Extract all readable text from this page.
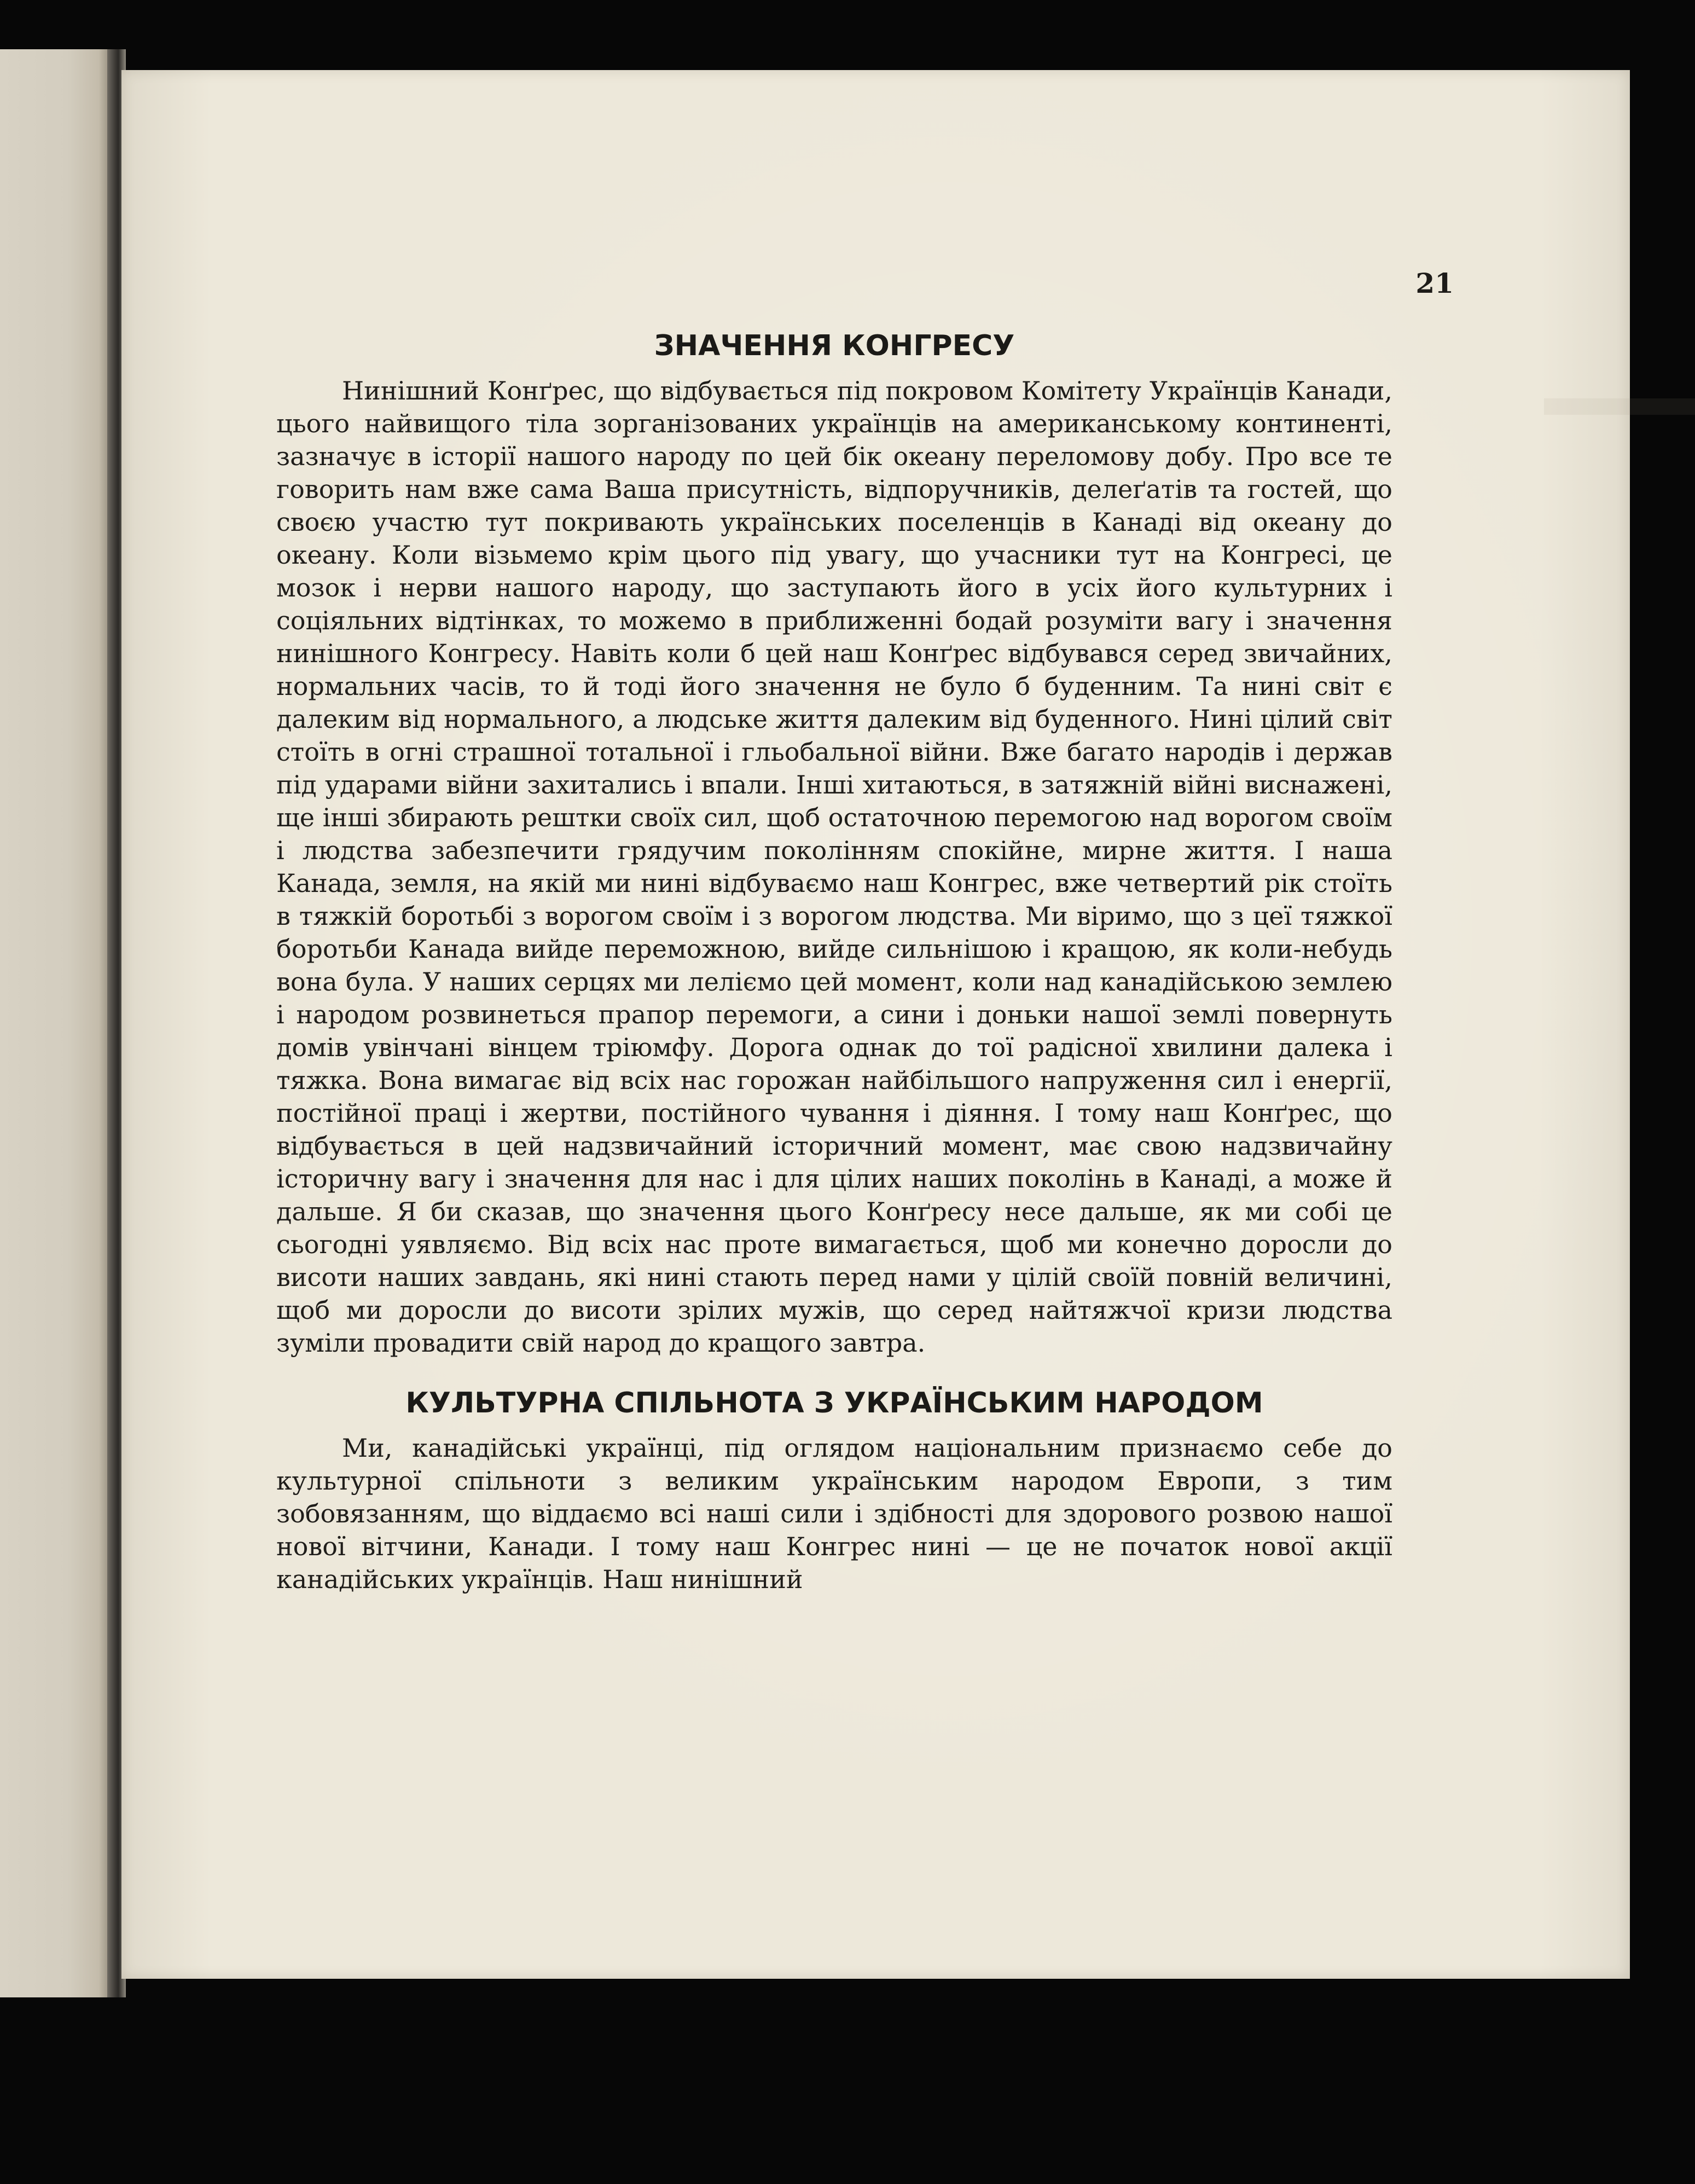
21

ЗНАЧЕННЯ КОНГРЕСУ

Нинішний Конґрес, що відбувається під покровом Комітету Українців Канади, цього найвищого тіла зорганізованих українців на американському континенті, зазначує в історії нашого народу по цей бік океану переломову добу. Про все те говорить нам вже сама Ваша присутність, відпоручників, делеґатів та гостей, що своєю участю тут покривають українських поселенців в Канаді від океану до океану. Коли візьмемо крім цього під увагу, що учасники тут на Конгресі, це мозок і нерви нашого народу, що заступають його в усіх його культурних і соціяльних відтінках, то можемо в приближенні бодай розуміти вагу і значення нинішного Конгресу. Навіть коли б цей наш Конґрес відбувався серед звичайних, нормальних часів, то й тоді його значення не було б буденним. Та нині світ є далеким від нормального, а людське життя далеким від буденного. Нині цілий світ стоїть в огні страшної тотальної і гльобальної війни. Вже багато народів і держав під ударами війни захитались і впали. Інші хитаються, в затяжній війні виснажені, ще інші збирають рештки своїх сил, щоб остаточною перемогою над ворогом своїм і людства забезпечити грядучим поколінням спокійне, мирне життя. І наша Канада, земля, на якій ми нині відбуваємо наш Конгрес, вже четвертий рік стоїть в тяжкій боротьбі з ворогом своїм і з ворогом людства. Ми віримо, що з цеї тяжкої боротьби Канада вийде переможною, вийде сильнішою і кращою, як коли-небудь вона була. У наших серцях ми леліємо цей момент, коли над канадійською землею і народом розвинеться прапор перемоги, а сини і доньки нашої землі повернуть домів увінчані вінцем тріюмфу. Дорога однак до тої радісної хвилини далека і тяжка. Вона вимагає від всіх нас горожан найбільшого напруження сил і енергії, постійної праці і жертви, постійного чування і діяння. І тому наш Конґрес, що відбувається в цей надзвичайний історичний момент, має свою надзвичайну історичну вагу і значення для нас і для цілих наших поколінь в Канаді, а може й дальше. Я би сказав, що значення цього Конґресу несе дальше, як ми собі це сьогодні уявляємо. Від всіх нас проте вимагається, щоб ми конечно доросли до висоти наших завдань, які нині стають перед нами у цілій своїй повній величині, щоб ми доросли до висоти зрілих мужів, що серед найтяжчої кризи людства зуміли провадити свій народ до кращого завтра.

КУЛЬТУРНА СПІЛЬНОТА З УКРАЇНСЬКИМ НАРОДОМ

Ми, канадійські українці, під оглядом національним признаємо себе до культурної спільноти з великим українським народом Европи, з тим зобовязанням, що віддаємо всі наші сили і здібності для здорового розвою нашої нової вітчини, Канади. І тому наш Конгрес нині — це не початок нової акції канадійських українців. Наш нинішний
